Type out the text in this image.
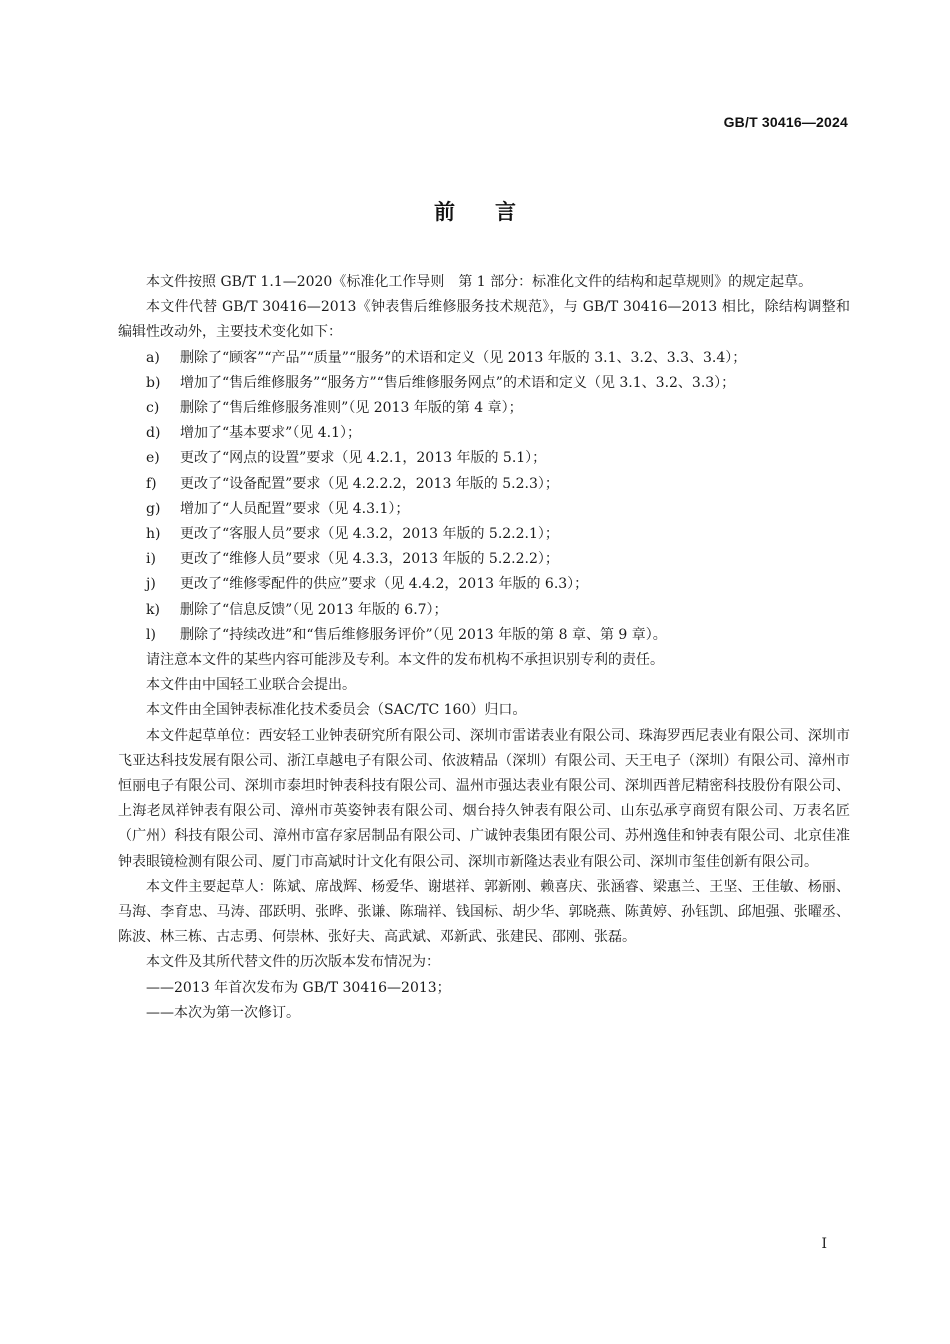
GB/T 30416—2024
前言

本文件按照 GB/T 1.1—2020《标准化工作导则　第 1 部分：标准化文件的结构和起草规则》的规定起草。

本文件代替 GB/T 30416—2013《钟表售后维修服务技术规范》，与 GB/T 30416—2013 相比，除结构调整和编辑性改动外，主要技术变化如下：

a)	删除了“顾客”“产品”“质量”“服务”的术语和定义（见 2013 年版的 3.1、3.2、3.3、3.4）；
b)	增加了“售后维修服务”“服务方”“售后维修服务网点”的术语和定义（见 3.1、3.2、3.3）；
c)	删除了“售后维修服务准则”（见 2013 年版的第 4 章）；
d)	增加了“基本要求”（见 4.1）；
e)	更改了“网点的设置”要求（见 4.2.1，2013 年版的 5.1）；
f)	更改了“设备配置”要求（见 4.2.2.2，2013 年版的 5.2.3）；
g)	增加了“人员配置”要求（见 4.3.1）；
h)	更改了“客服人员”要求（见 4.3.2，2013 年版的 5.2.2.1）；
i)	更改了“维修人员”要求（见 4.3.3，2013 年版的 5.2.2.2）；
j)	更改了“维修零配件的供应”要求（见 4.4.2，2013 年版的 6.3）；
k)	删除了“信息反馈”（见 2013 年版的 6.7）；
l)	删除了“持续改进”和“售后维修服务评价”（见 2013 年版的第 8 章、第 9 章）。

请注意本文件的某些内容可能涉及专利。本文件的发布机构不承担识别专利的责任。

本文件由中国轻工业联合会提出。

本文件由全国钟表标准化技术委员会（SAC/TC 160）归口。

本文件起草单位：西安轻工业钟表研究所有限公司、深圳市雷诺表业有限公司、珠海罗西尼表业有限公司、深圳市飞亚达科技发展有限公司、浙江卓越电子有限公司、依波精品（深圳）有限公司、天王电子（深圳）有限公司、漳州市恒丽电子有限公司、深圳市泰坦时钟表科技有限公司、温州市强达表业有限公司、深圳西普尼精密科技股份有限公司、上海老凤祥钟表有限公司、漳州市英姿钟表有限公司、烟台持久钟表有限公司、山东弘承亨商贸有限公司、万表名匠（广州）科技有限公司、漳州市富存家居制品有限公司、广诚钟表集团有限公司、苏州逸佳和钟表有限公司、北京佳准钟表眼镜检测有限公司、厦门市高斌时计文化有限公司、深圳市新隆达表业有限公司、深圳市玺佳创新有限公司。

本文件主要起草人：陈斌、席战辉、杨爱华、谢堪祥、郭新刚、赖喜庆、张涵睿、梁惠兰、王坚、王佳敏、杨丽、马海、李育忠、马涛、邵跃明、张晔、张谦、陈瑞祥、钱国标、胡少华、郭晓燕、陈黄婷、孙钰凯、邱旭强、张曜丞、陈波、林三栋、古志勇、何崇林、张好夫、高武斌、邓新武、张建民、邵刚、张磊。

本文件及其所代替文件的历次版本发布情况为：

——2013 年首次发布为 GB/T 30416—2013；

——本次为第一次修订。

I
